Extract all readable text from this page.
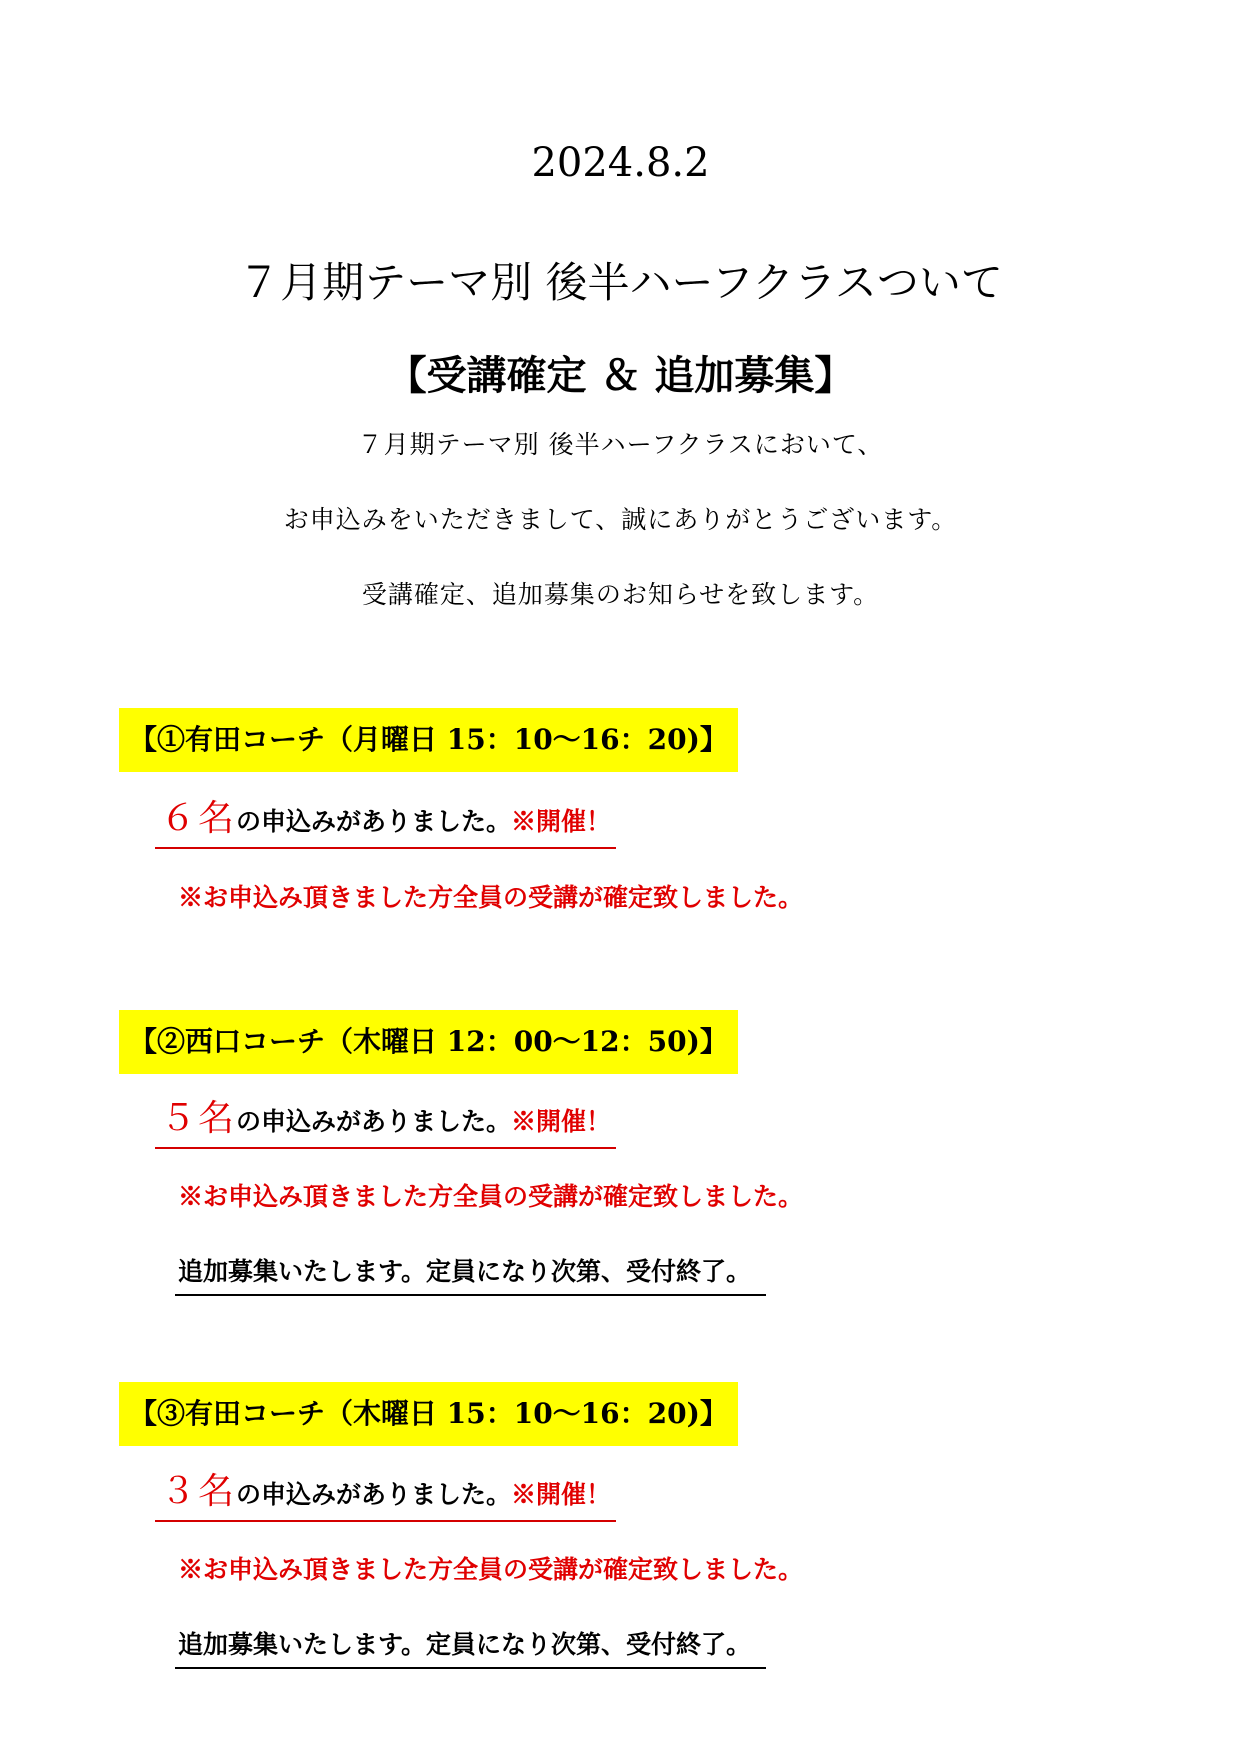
2024.8.2
７月期テーマ別 後半ハーフクラスついて
【受講確定 ＆ 追加募集】
７月期テーマ別 後半ハーフクラスにおいて、
お申込みをいただきまして、誠にありがとうございます。
受講確定、追加募集のお知らせを致します。
【①有田コーチ（月曜日 15：10～16：20)】
６名の申込みがありました。※開催！
※お申込み頂きました方全員の受講が確定致しました。
【②西口コーチ（木曜日 12：00～12：50)】
５名の申込みがありました。※開催！
※お申込み頂きました方全員の受講が確定致しました。
追加募集いたします。定員になり次第、受付終了。
【③有田コーチ（木曜日 15：10～16：20)】
３名の申込みがありました。※開催！
※お申込み頂きました方全員の受講が確定致しました。
追加募集いたします。定員になり次第、受付終了。
